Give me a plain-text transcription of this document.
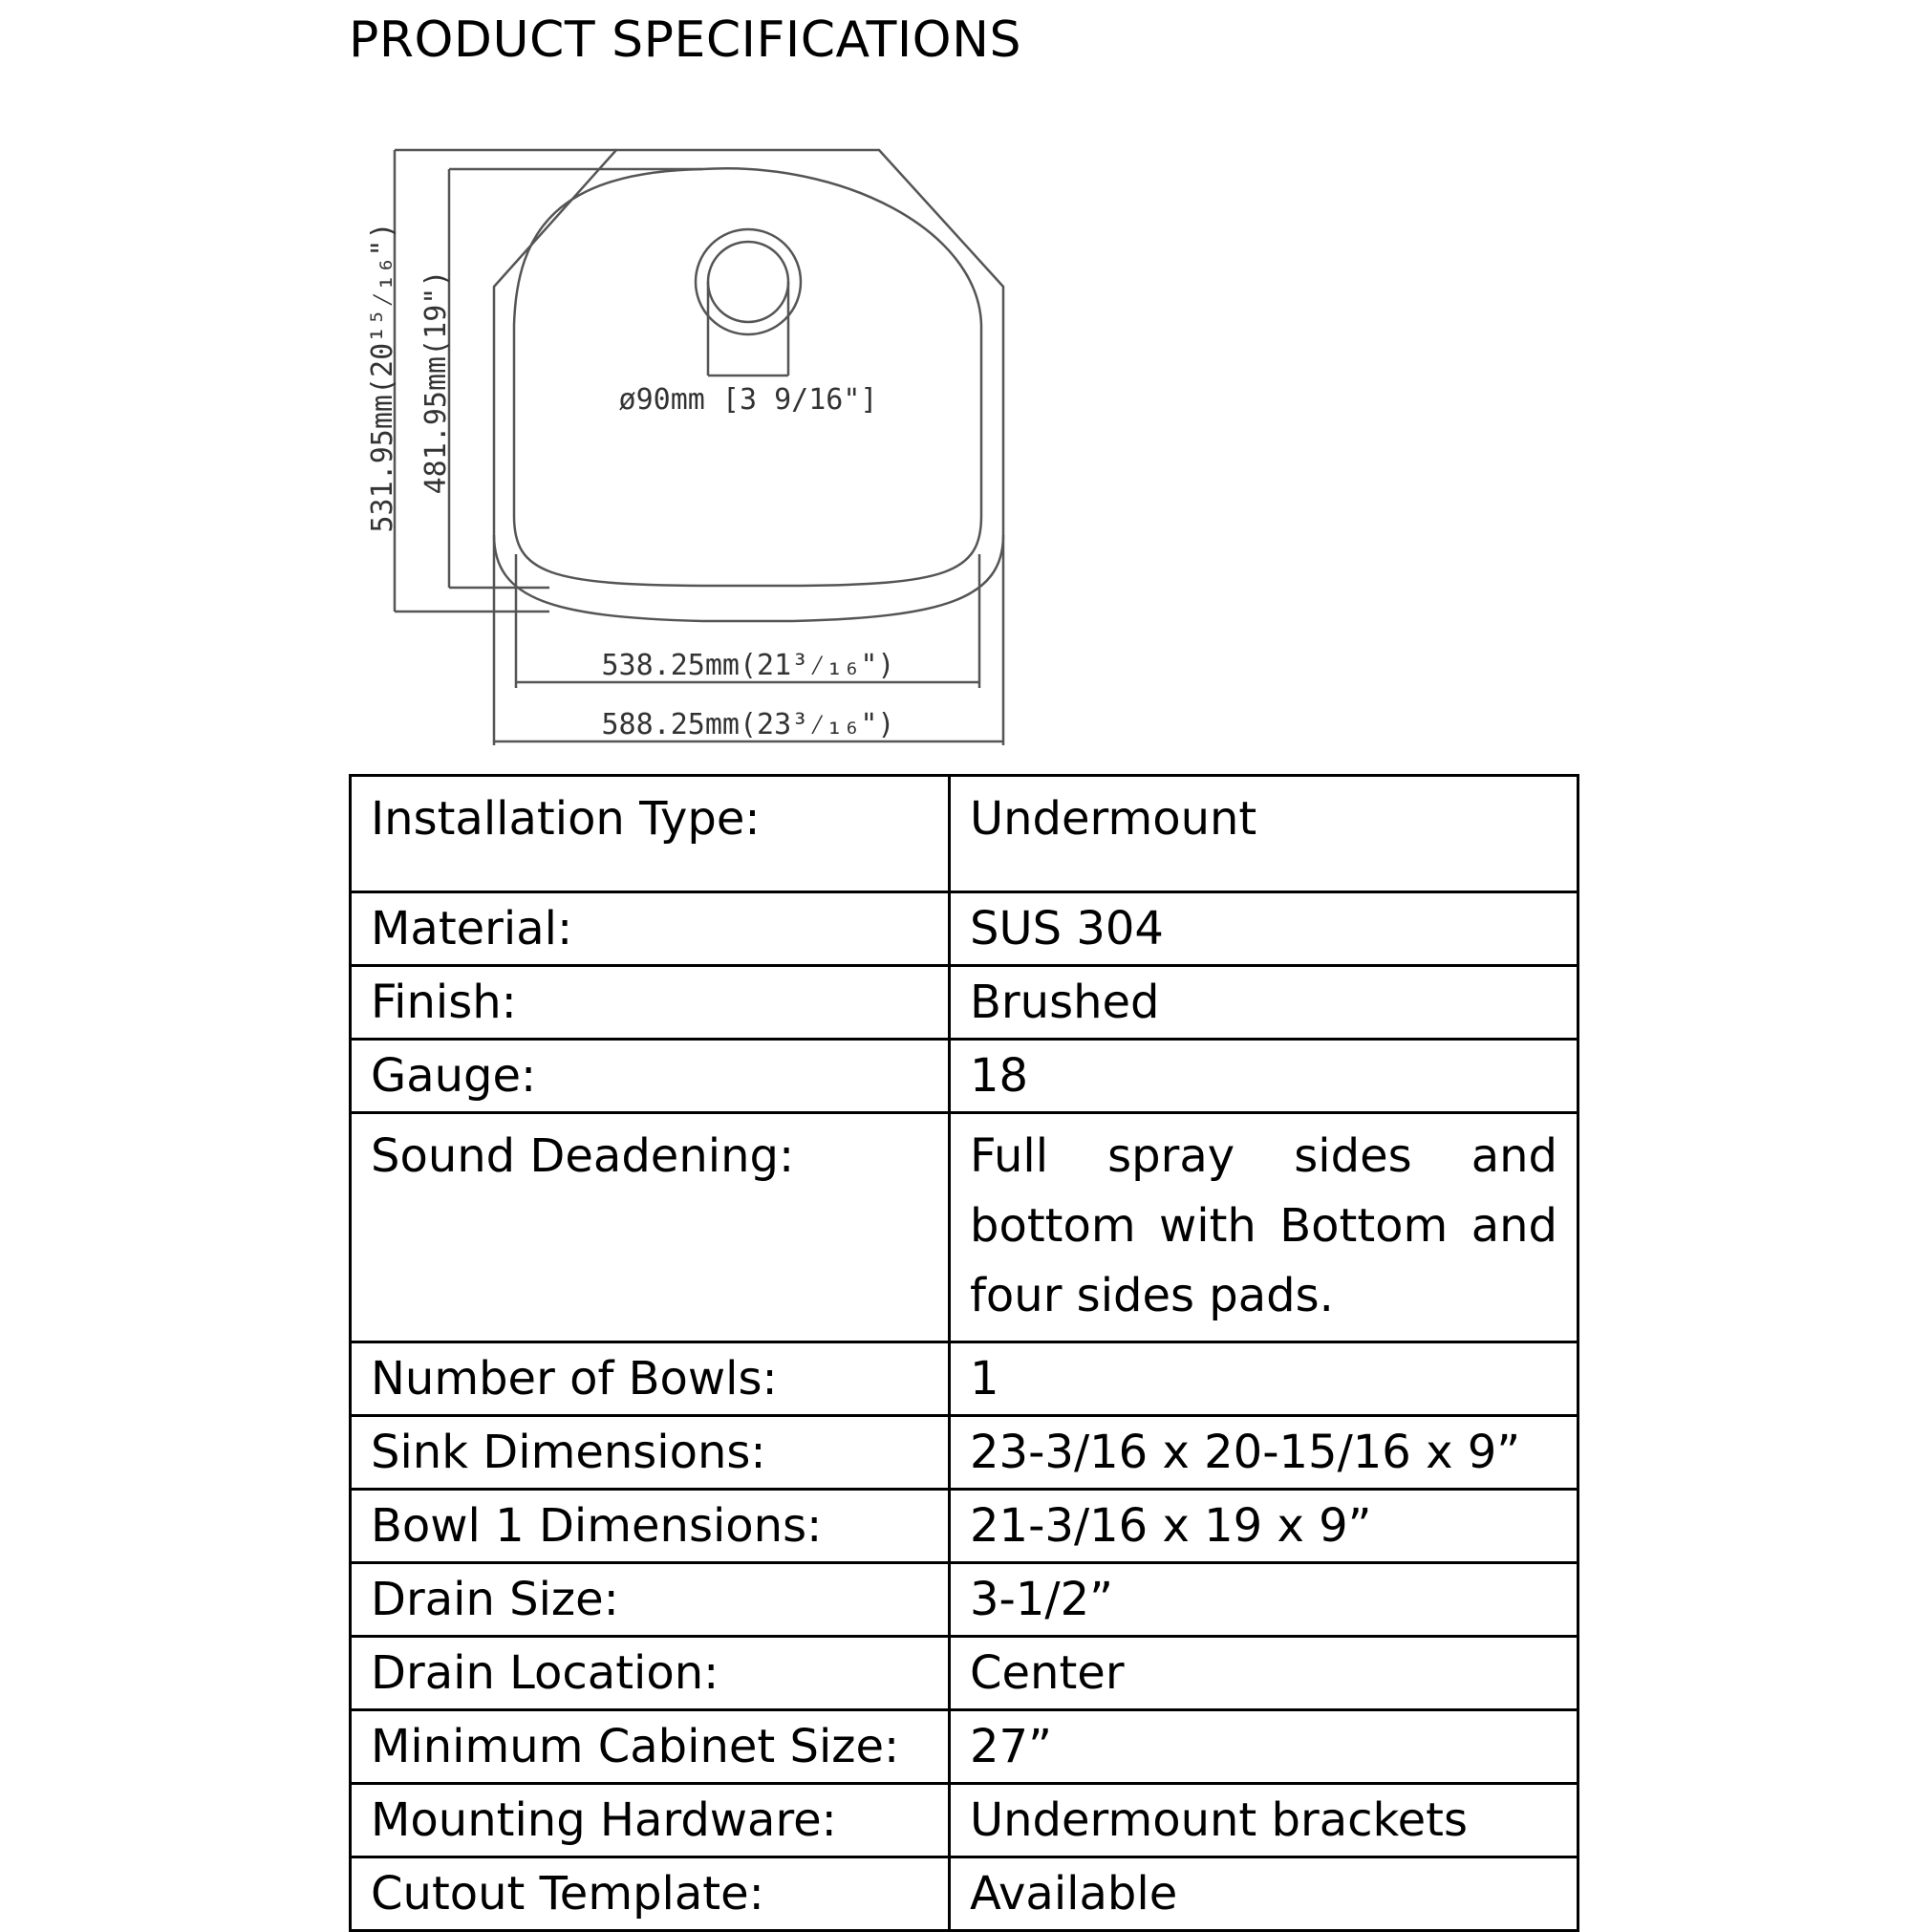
PRODUCT SPECIFICATIONS
531.95mm(20¹⁵⁄₁₆") 481.95mm(19")	ø90mm [3 9/16"]
538.25mm(21³⁄₁₆")
588.25mm(23³⁄₁₆")
Installation Type:	Undermount
Material:	SUS 304
Finish:	Brushed
Gauge:	18
Sound Deadening:	Full spray sides and bottom with Bottom and four sides pads.
Number of Bowls:	1
Sink Dimensions:	23-3/16 x 20-15/16 x 9”
Bowl 1 Dimensions:	21-3/16 x 19 x 9”
Drain Size:	3-1/2”
Drain Location:	Center
Minimum Cabinet Size:	27”
Mounting Hardware:	Undermount brackets
Cutout Template:	Available
